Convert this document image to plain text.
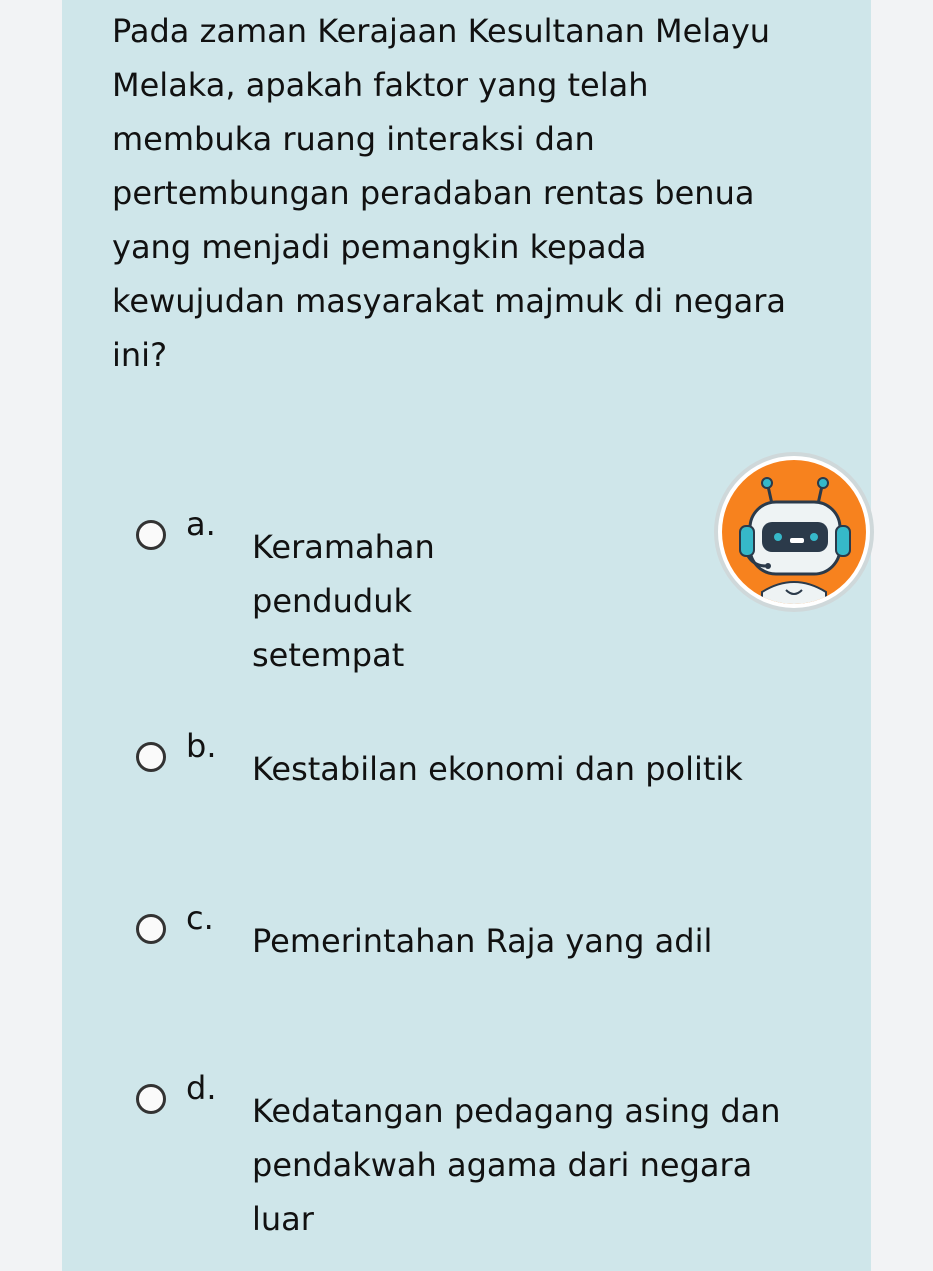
Pada zaman Kerajaan Kesultanan Melayu Melaka, apakah faktor yang telah membuka ruang interaksi dan pertembungan peradaban rentas benua yang menjadi pemangkin kepada kewujudan masyarakat majmuk di negara ini?

a.
Keramahan penduduk setempat
b.
Kestabilan ekonomi dan politik
c.
Pemerintahan Raja yang adil
d.
Kedatangan pedagang asing dan pendakwah agama dari negara luar
